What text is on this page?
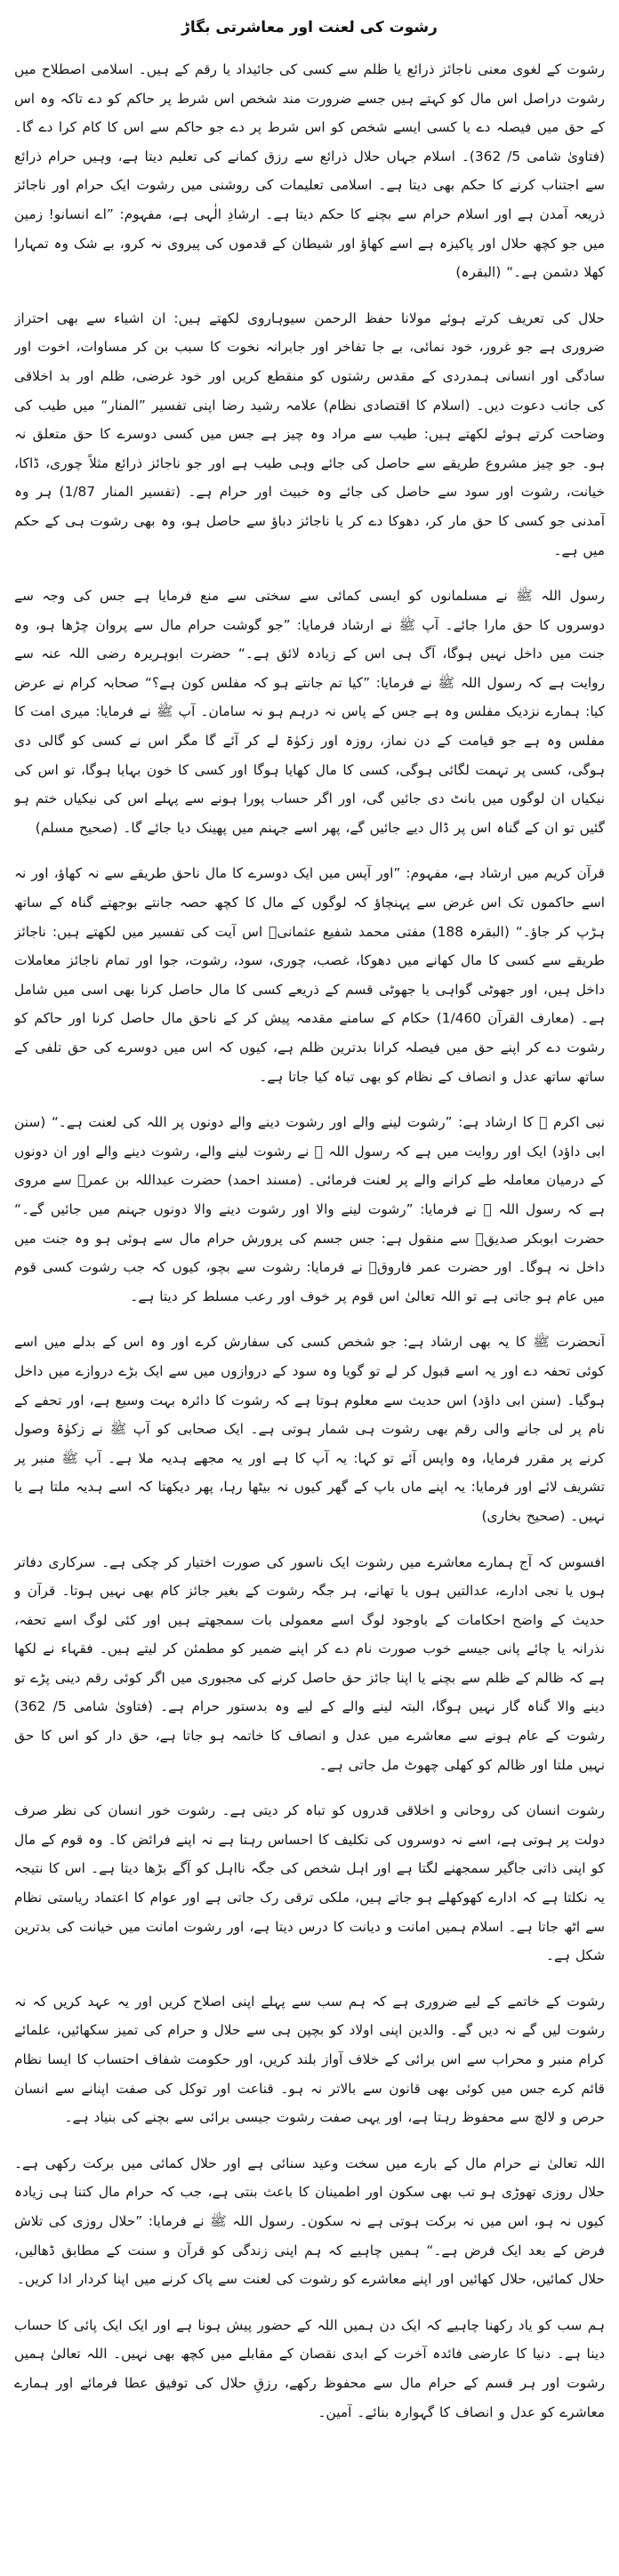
رشوت کی لعنت اور معاشرتی بگاڑ

رشوت کے لغوی معنی ناجائز ذرائع یا ظلم سے کسی کی جائیداد یا رقم کے ہیں۔ اسلامی اصطلاح میں رشوت دراصل اس مال کو کہتے ہیں جسے ضرورت مند شخص اس شرط پر حاکم کو دے تاکہ وہ اس کے حق میں فیصلہ دے یا کسی ایسے شخص کو اس شرط پر دے جو حاکم سے اس کا کام کرا دے گا۔ (فتاویٰ شامی 5/ 362)۔ اسلام جہاں حلال ذرائع سے رزق کمانے کی تعلیم دیتا ہے، وہیں حرام ذرائع سے اجتناب کرنے کا حکم بھی دیتا ہے۔ اسلامی تعلیمات کی روشنی میں رشوت ایک حرام اور ناجائز ذریعہ آمدن ہے اور اسلام حرام سے بچنے کا حکم دیتا ہے۔ ارشادِ الٰہی ہے، مفہوم: ”اے انسانو! زمین میں جو کچھ حلال اور پاکیزہ ہے اسے کھاؤ اور شیطان کے قدموں کی پیروی نہ کرو، بے شک وہ تمہارا کھلا دشمن ہے۔“ (البقرہ)

حلال کی تعریف کرتے ہوئے مولانا حفظ الرحمن سیوہاروی لکھتے ہیں: ان اشیاء سے بھی احتراز ضروری ہے جو غرور، خود نمائی، بے جا تفاخر اور جابرانہ نخوت کا سبب بن کر مساوات، اخوت اور سادگی اور انسانی ہمدردی کے مقدس رشتوں کو منقطع کریں اور خود غرضی، ظلم اور بد اخلاقی کی جانب دعوت دیں۔ (اسلام کا اقتصادی نظام) علامہ رشید رضا اپنی تفسیر ”المنار“ میں طیب کی وضاحت کرتے ہوئے لکھتے ہیں: طیب سے مراد وہ چیز ہے جس میں کسی دوسرے کا حق متعلق نہ ہو۔ جو چیز مشروع طریقے سے حاصل کی جائے وہی طیب ہے اور جو ناجائز ذرائع مثلاً چوری، ڈاکا، خیانت، رشوت اور سود سے حاصل کی جائے وہ خبیث اور حرام ہے۔ (تفسیر المنار 1/87) ہر وہ آمدنی جو کسی کا حق مار کر، دھوکا دے کر یا ناجائز دباؤ سے حاصل ہو، وہ بھی رشوت ہی کے حکم میں ہے۔

رسول اللہ ﷺ نے مسلمانوں کو ایسی کمائی سے سختی سے منع فرمایا ہے جس کی وجہ سے دوسروں کا حق مارا جائے۔ آپ ﷺ نے ارشاد فرمایا: ”جو گوشت حرام مال سے پروان چڑھا ہو، وہ جنت میں داخل نہیں ہوگا، آگ ہی اس کے زیادہ لائق ہے۔“ حضرت ابوہریرہ رضی اللہ عنہ سے روایت ہے کہ رسول اللہ ﷺ نے فرمایا: ”کیا تم جانتے ہو کہ مفلس کون ہے؟“ صحابہ کرام نے عرض کیا: ہمارے نزدیک مفلس وہ ہے جس کے پاس نہ درہم ہو نہ سامان۔ آپ ﷺ نے فرمایا: میری امت کا مفلس وہ ہے جو قیامت کے دن نماز، روزہ اور زکوٰۃ لے کر آئے گا مگر اس نے کسی کو گالی دی ہوگی، کسی پر تہمت لگائی ہوگی، کسی کا مال کھایا ہوگا اور کسی کا خون بہایا ہوگا، تو اس کی نیکیاں ان لوگوں میں بانٹ دی جائیں گی، اور اگر حساب پورا ہونے سے پہلے اس کی نیکیاں ختم ہو گئیں تو ان کے گناہ اس پر ڈال دیے جائیں گے، پھر اسے جہنم میں پھینک دیا جائے گا۔ (صحیح مسلم)

قرآن کریم میں ارشاد ہے، مفہوم: ”اور آپس میں ایک دوسرے کا مال ناحق طریقے سے نہ کھاؤ، اور نہ اسے حاکموں تک اس غرض سے پہنچاؤ کہ لوگوں کے مال کا کچھ حصہ جانتے بوجھتے گناہ کے ساتھ ہڑپ کر جاؤ۔“ (البقرہ 188) مفتی محمد شفیع عثمانیؒ اس آیت کی تفسیر میں لکھتے ہیں: ناجائز طریقے سے کسی کا مال کھانے میں دھوکا، غصب، چوری، سود، رشوت، جوا اور تمام ناجائز معاملات داخل ہیں، اور جھوٹی گواہی یا جھوٹی قسم کے ذریعے کسی کا مال حاصل کرنا بھی اسی میں شامل ہے۔ (معارف القرآن 1/460) حکام کے سامنے مقدمہ پیش کر کے ناحق مال حاصل کرنا اور حاکم کو رشوت دے کر اپنے حق میں فیصلہ کرانا بدترین ظلم ہے، کیوں کہ اس میں دوسرے کی حق تلفی کے ساتھ ساتھ عدل و انصاف کے نظام کو بھی تباہ کیا جاتا ہے۔

نبی اکرم ﷺ کا ارشاد ہے: ”رشوت لینے والے اور رشوت دینے والے دونوں پر اللہ کی لعنت ہے۔“ (سنن ابی داؤد) ایک اور روایت میں ہے کہ رسول اللہ ﷺ نے رشوت لینے والے، رشوت دینے والے اور ان دونوں کے درمیان معاملہ طے کرانے والے پر لعنت فرمائی۔ (مسند احمد) حضرت عبداللہ بن عمرؓ سے مروی ہے کہ رسول اللہ ﷺ نے فرمایا: ”رشوت لینے والا اور رشوت دینے والا دونوں جہنم میں جائیں گے۔“ حضرت ابوبکر صدیقؓ سے منقول ہے: جس جسم کی پرورش حرام مال سے ہوئی ہو وہ جنت میں داخل نہ ہوگا۔ اور حضرت عمر فاروقؓ نے فرمایا: رشوت سے بچو، کیوں کہ جب رشوت کسی قوم میں عام ہو جاتی ہے تو اللہ تعالیٰ اس قوم پر خوف اور رعب مسلط کر دیتا ہے۔

آنحضرت ﷺ کا یہ بھی ارشاد ہے: جو شخص کسی کی سفارش کرے اور وہ اس کے بدلے میں اسے کوئی تحفہ دے اور یہ اسے قبول کر لے تو گویا وہ سود کے دروازوں میں سے ایک بڑے دروازے میں داخل ہوگیا۔ (سنن ابی داؤد) اس حدیث سے معلوم ہوتا ہے کہ رشوت کا دائرہ بہت وسیع ہے، اور تحفے کے نام پر لی جانے والی رقم بھی رشوت ہی شمار ہوتی ہے۔ ایک صحابی کو آپ ﷺ نے زکوٰۃ وصول کرنے پر مقرر فرمایا، وہ واپس آئے تو کہا: یہ آپ کا ہے اور یہ مجھے ہدیہ ملا ہے۔ آپ ﷺ منبر پر تشریف لائے اور فرمایا: یہ اپنے ماں باپ کے گھر کیوں نہ بیٹھا رہا، پھر دیکھتا کہ اسے ہدیہ ملتا ہے یا نہیں۔ (صحیح بخاری)

افسوس کہ آج ہمارے معاشرے میں رشوت ایک ناسور کی صورت اختیار کر چکی ہے۔ سرکاری دفاتر ہوں یا نجی ادارے، عدالتیں ہوں یا تھانے، ہر جگہ رشوت کے بغیر جائز کام بھی نہیں ہوتا۔ قرآن و حدیث کے واضح احکامات کے باوجود لوگ اسے معمولی بات سمجھتے ہیں اور کئی لوگ اسے تحفہ، نذرانہ یا چائے پانی جیسے خوب صورت نام دے کر اپنے ضمیر کو مطمئن کر لیتے ہیں۔ فقہاء نے لکھا ہے کہ ظالم کے ظلم سے بچنے یا اپنا جائز حق حاصل کرنے کی مجبوری میں اگر کوئی رقم دینی پڑے تو دینے والا گناہ گار نہیں ہوگا، البتہ لینے والے کے لیے وہ بدستور حرام ہے۔ (فتاویٰ شامی 5/ 362) رشوت کے عام ہونے سے معاشرے میں عدل و انصاف کا خاتمہ ہو جاتا ہے، حق دار کو اس کا حق نہیں ملتا اور ظالم کو کھلی چھوٹ مل جاتی ہے۔

رشوت انسان کی روحانی و اخلاقی قدروں کو تباہ کر دیتی ہے۔ رشوت خور انسان کی نظر صرف دولت پر ہوتی ہے، اسے نہ دوسروں کی تکلیف کا احساس رہتا ہے نہ اپنے فرائض کا۔ وہ قوم کے مال کو اپنی ذاتی جاگیر سمجھنے لگتا ہے اور اہل شخص کی جگہ نااہل کو آگے بڑھا دیتا ہے۔ اس کا نتیجہ یہ نکلتا ہے کہ ادارے کھوکھلے ہو جاتے ہیں، ملکی ترقی رک جاتی ہے اور عوام کا اعتماد ریاستی نظام سے اٹھ جاتا ہے۔ اسلام ہمیں امانت و دیانت کا درس دیتا ہے، اور رشوت امانت میں خیانت کی بدترین شکل ہے۔

رشوت کے خاتمے کے لیے ضروری ہے کہ ہم سب سے پہلے اپنی اصلاح کریں اور یہ عہد کریں کہ نہ رشوت لیں گے نہ دیں گے۔ والدین اپنی اولاد کو بچپن ہی سے حلال و حرام کی تمیز سکھائیں، علمائے کرام منبر و محراب سے اس برائی کے خلاف آواز بلند کریں، اور حکومت شفاف احتساب کا ایسا نظام قائم کرے جس میں کوئی بھی قانون سے بالاتر نہ ہو۔ قناعت اور توکل کی صفت اپنانے سے انسان حرص و لالچ سے محفوظ رہتا ہے، اور یہی صفت رشوت جیسی برائی سے بچنے کی بنیاد ہے۔

اللہ تعالیٰ نے حرام مال کے بارے میں سخت وعید سنائی ہے اور حلال کمائی میں برکت رکھی ہے۔ حلال روزی تھوڑی ہو تب بھی سکون اور اطمینان کا باعث بنتی ہے، جب کہ حرام مال کتنا ہی زیادہ کیوں نہ ہو، اس میں نہ برکت ہوتی ہے نہ سکون۔ رسول اللہ ﷺ نے فرمایا: ”حلال روزی کی تلاش فرض کے بعد ایک فرض ہے۔“ ہمیں چاہیے کہ ہم اپنی زندگی کو قرآن و سنت کے مطابق ڈھالیں، حلال کمائیں، حلال کھائیں اور اپنے معاشرے کو رشوت کی لعنت سے پاک کرنے میں اپنا کردار ادا کریں۔

ہم سب کو یاد رکھنا چاہیے کہ ایک دن ہمیں اللہ کے حضور پیش ہونا ہے اور ایک ایک پائی کا حساب دینا ہے۔ دنیا کا عارضی فائدہ آخرت کے ابدی نقصان کے مقابلے میں کچھ بھی نہیں۔ اللہ تعالیٰ ہمیں رشوت اور ہر قسم کے حرام مال سے محفوظ رکھے، رزقِ حلال کی توفیق عطا فرمائے اور ہمارے معاشرے کو عدل و انصاف کا گہوارہ بنائے۔ آمین۔
